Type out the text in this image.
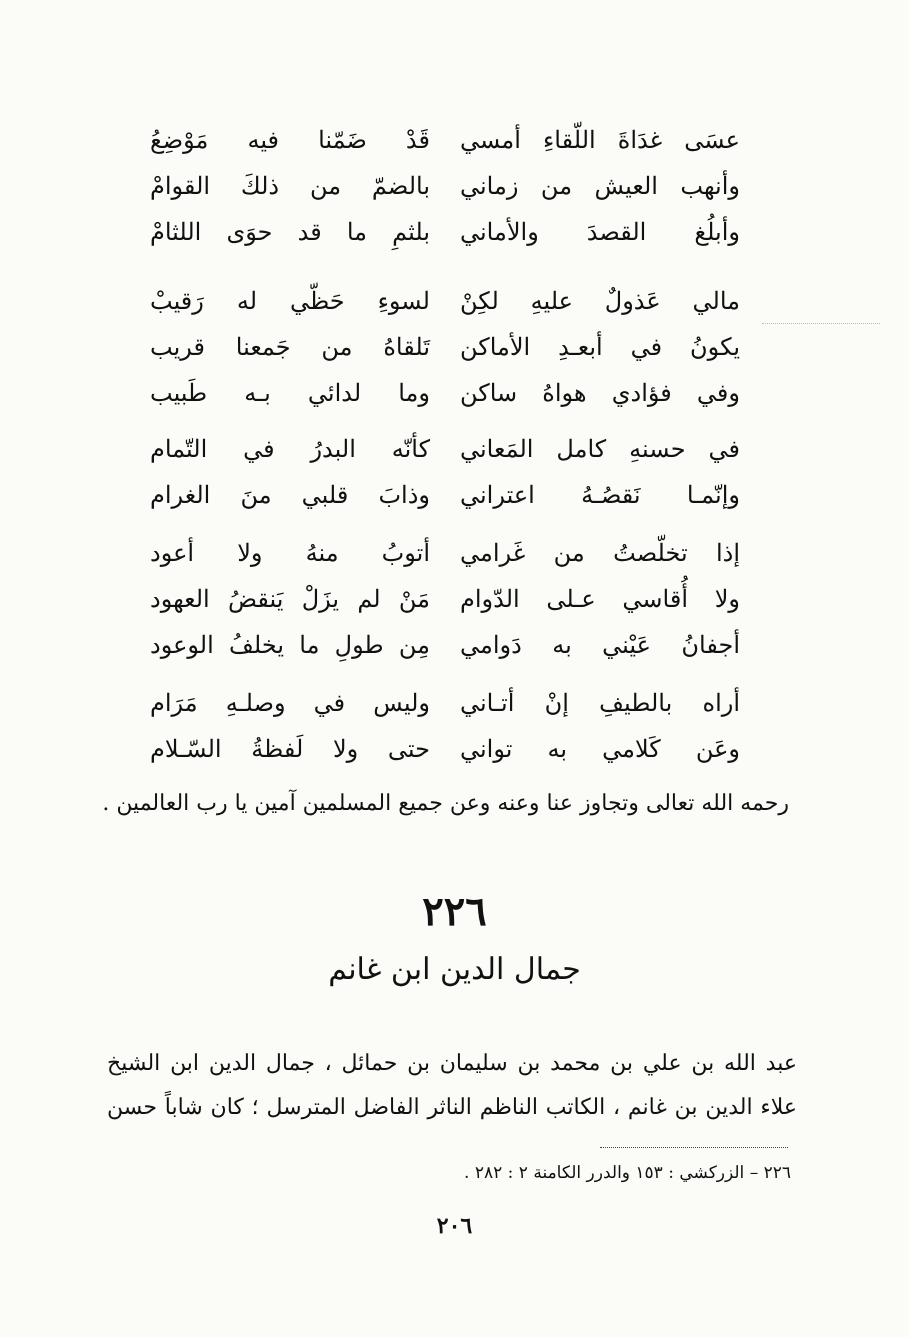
عسَى غدَاةَ اللّقاءِ أمسي
قَدْ ضَمّنا فيه مَوْضِعُ
وأنهب العيش من زماني
بالضمّ من ذلكَ القوامْ
وأبلُغ القصدَ والأماني
بلثمِ ما قد حوَى اللثامْ
مالي عَذولٌ عليهِ لكِنْ
لسوءِ حَظّي له رَقيبْ
يكونُ في أبعـدِ الأماكن
تَلقاهُ من جَمعنا قريب
وفي فؤادي هواهُ ساكن
وما لدائي بـه طَبيب
في حسنهِ كامل المَعاني
كأنّه البدرُ في التّمام
وإنّمـا نَقصُـهُ اعتراني
وذابَ قلبي منَ الغرام
إذا تخلّصتُ من غَرامي
أتوبُ منهُ ولا أعود
ولا أُقاسي عـلى الدّوام
مَنْ لم يزَلْ يَنقضُ العهود
أجفانُ عَيْني به دَوامي
مِن طولِ ما يخلفُ الوعود
أراه بالطيفِ إنْ أتـاني
وليس في وصلـهِ مَرَام
وعَن كَلامي به تواني
حتى ولا لَفظةُ السّـلام
رحمه الله تعالى وتجاوز عنا وعنه وعن جميع المسلمين آمين يا رب العالمين .
٢٢٦
جمال الدين ابن غانم
عبد الله بن علي بن محمد بن سليمان بن حمائل ، جمال الدين ابن الشيخ
علاء الدين بن غانم ، الكاتب الناظم الناثر الفاضل المترسل ؛ كان شاباً حسن
٢٢٦ – الزركشي : ١٥٣ والدرر الكامنة ٢ : ٢٨٢ .
٢٠٦
